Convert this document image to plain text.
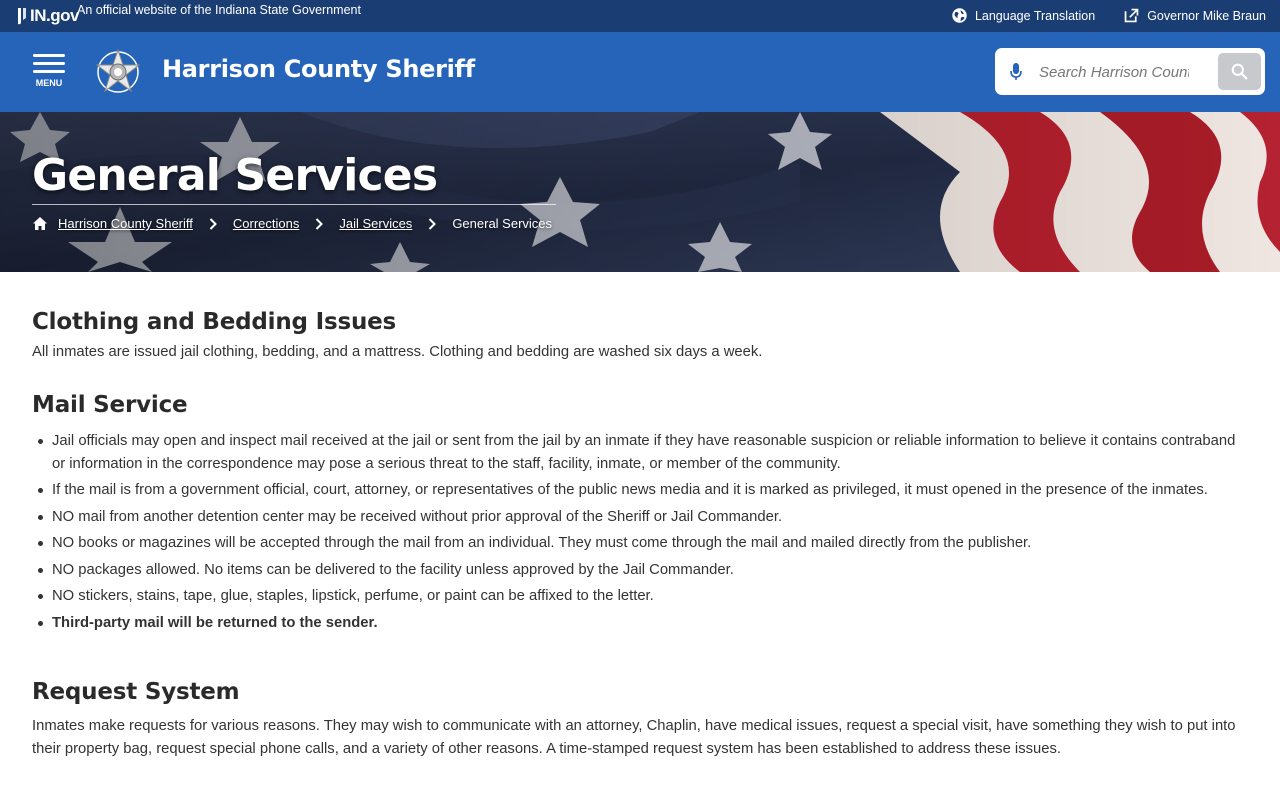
IN.gov
An official website of the Indiana State Government	Language Translation	Governor Mike Braun
MENU	Harrison County Sheriff
Search Harrison County
General Services
Harrison County Sheriff	Corrections	Jail Services	General Services
Clothing and Bedding Issues

All inmates are issued jail clothing, bedding, and a mattress. Clothing and bedding are washed six days a week.

Mail Service
Jail officials may open and inspect mail received at the jail or sent from the jail by an inmate if they have reasonable suspicion or reliable information to believe it contains contraband or information in the correspondence may pose a serious threat to the staff, facility, inmate, or member of the community.
If the mail is from a government official, court, attorney, or representatives of the public news media and it is marked as privileged, it must opened in the presence of the inmates.
NO mail from another detention center may be received without prior approval of the Sheriff or Jail Commander.
NO books or magazines will be accepted through the mail from an individual. They must come through the mail and mailed directly from the publisher.
NO packages allowed. No items can be delivered to the facility unless approved by the Jail Commander.
NO stickers, stains, tape, glue, staples, lipstick, perfume, or paint can be affixed to the letter.
Third-party mail will be returned to the sender.
Request System

Inmates make requests for various reasons. They may wish to communicate with an attorney, Chaplin, have medical issues, request a special visit, have something they wish to put into their property bag, request special phone calls, and a variety of other reasons. A time-stamped request system has been established to address these issues.
